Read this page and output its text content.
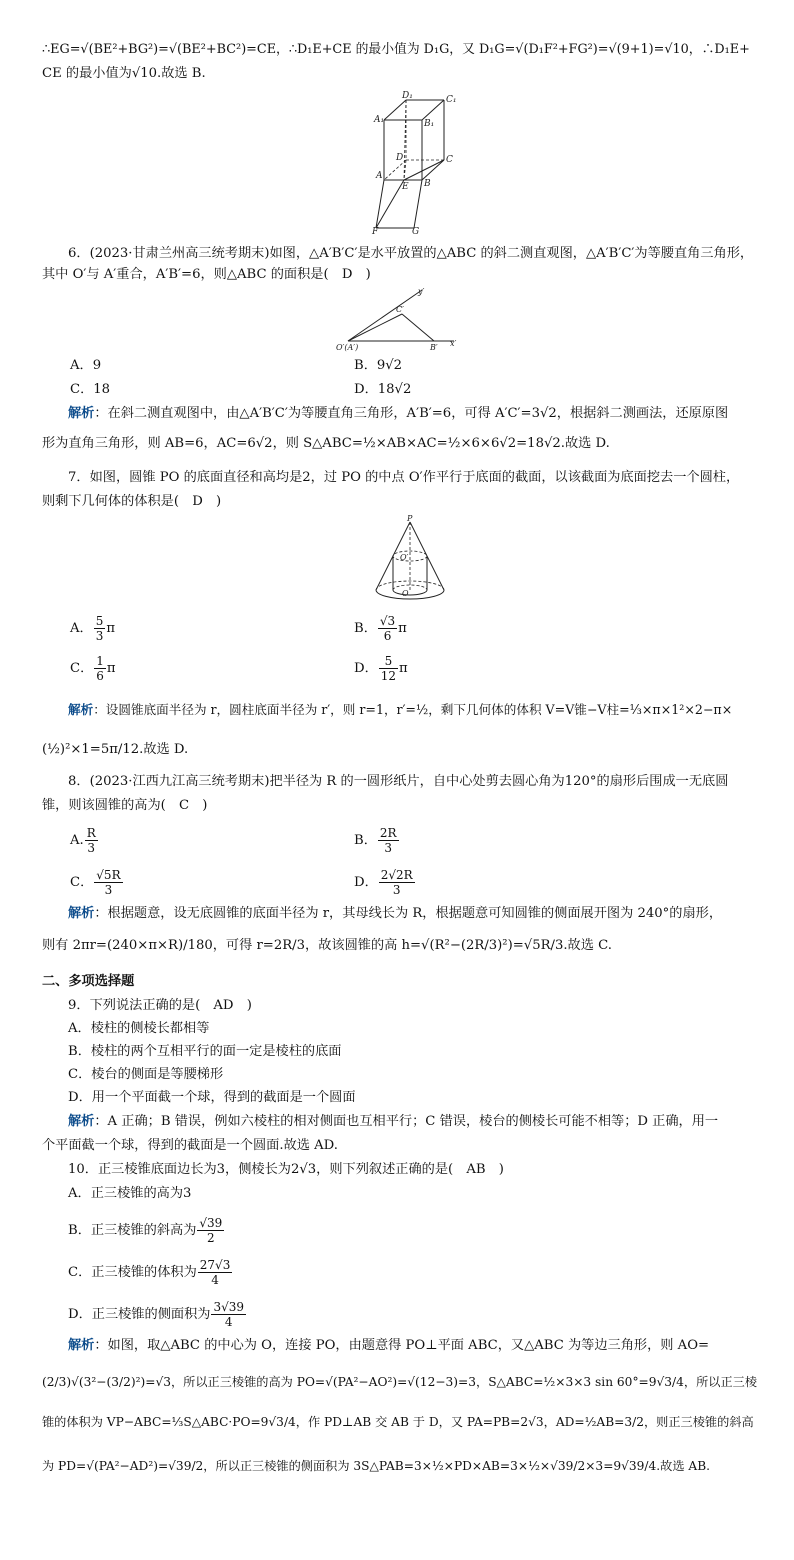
∴EG=√(BE²+BG²)=√(BE²+BC²)=CE，∴D₁E+CE 的最小值为 D₁G，又 D₁G=√(D₁F²+FG²)=√(9+1)=√10，∴D₁E+
CE 的最小值为√10.故选 B.
D₁	C₁
A₁	B₁
D	C
A
E B
F	G
6．(2023·甘肃兰州高三统考期末)如图，△A′B′C′是水平放置的△ABC 的斜二测直观图，△A′B′C′为等腰直角三角形，
其中 O′与 A′重合，A′B′=6，则△ABC 的面积是(　D　)
C′
y′
O′(A′)	B′ x′
A．9	B．9√2
C．18	D．18√2
解析：在斜二测直观图中，由△A′B′C′为等腰直角三角形，A′B′=6，可得 A′C′=3√2，根据斜二测画法，还原原图
形为直角三角形，则 AB=6，AC=6√2，则 S△ABC=½×AB×AC=½×6×6√2=18√2.故选 D.
7．如图，圆锥 PO 的底面直径和高均是2，过 PO 的中点 O′作平行于底面的截面，以该截面为底面挖去一个圆柱，
则剩下几何体的体积是(　D　)
P
O′
O
A． $\frac{5}{3}$ π	B． $\frac{√3}{6}$ π
C． $\frac{1}{6}$ π	D． $\frac{5}{12}$ π
解析：设圆锥底面半径为 r，圆柱底面半径为 r′，则 r=1，r′=½，剩下几何体的体积 V=V锥−V柱=⅓×π×1²×2−π×
(½)²×1=5π/12.故选 D.
8．(2023·江西九江高三统考期末)把半径为 R 的一圆形纸片，自中心处剪去圆心角为120°的扇形后围成一无底圆
锥，则该圆锥的高为(　C　)
A. $\frac{R}{3}$	B． $\frac{2R}{3}$
C． $\frac{√5R}{3}$	D． $\frac{2√2R}{3}$
解析：根据题意，设无底圆锥的底面半径为 r，其母线长为 R，根据题意可知圆锥的侧面展开图为 240°的扇形，
则有 2πr=(240×π×R)/180，可得 r=2R/3，故该圆锥的高 h=√(R²−(2R/3)²)=√5R/3.故选 C.
二、多项选择题
9．下列说法正确的是(　AD　)
A．棱柱的侧棱长都相等
B．棱柱的两个互相平行的面一定是棱柱的底面
C．棱台的侧面是等腰梯形
D．用一个平面截一个球，得到的截面是一个圆面
解析：A 正确；B 错误，例如六棱柱的相对侧面也互相平行；C 错误，棱台的侧棱长可能不相等；D 正确，用一
个平面截一个球，得到的截面是一个圆面.故选 AD.
10．正三棱锥底面边长为3，侧棱长为2√3，则下列叙述正确的是(　AB　)
A．正三棱锥的高为3
B．正三棱锥的斜高为 $\frac{√39}{2}$
C．正三棱锥的体积为 $\frac{27√3}{4}$
D．正三棱锥的侧面积为 $\frac{3√39}{4}$
解析：如图，取△ABC 的中心为 O，连接 PO，由题意得 PO⊥平面 ABC，又△ABC 为等边三角形，则 AO=
(2/3)√(3²−(3/2)²)=√3，所以正三棱锥的高为 PO=√(PA²−AO²)=√(12−3)=3，S△ABC=½×3×3 sin 60°=9√3/4，所以正三棱
锥的体积为 VP−ABC=⅓S△ABC·PO=9√3/4，作 PD⊥AB 交 AB 于 D，又 PA=PB=2√3，AD=½AB=3/2，则正三棱锥的斜高
为 PD=√(PA²−AD²)=√39/2，所以正三棱锥的侧面积为 3S△PAB=3×½×PD×AB=3×½×√39/2×3=9√39/4.故选 AB.
